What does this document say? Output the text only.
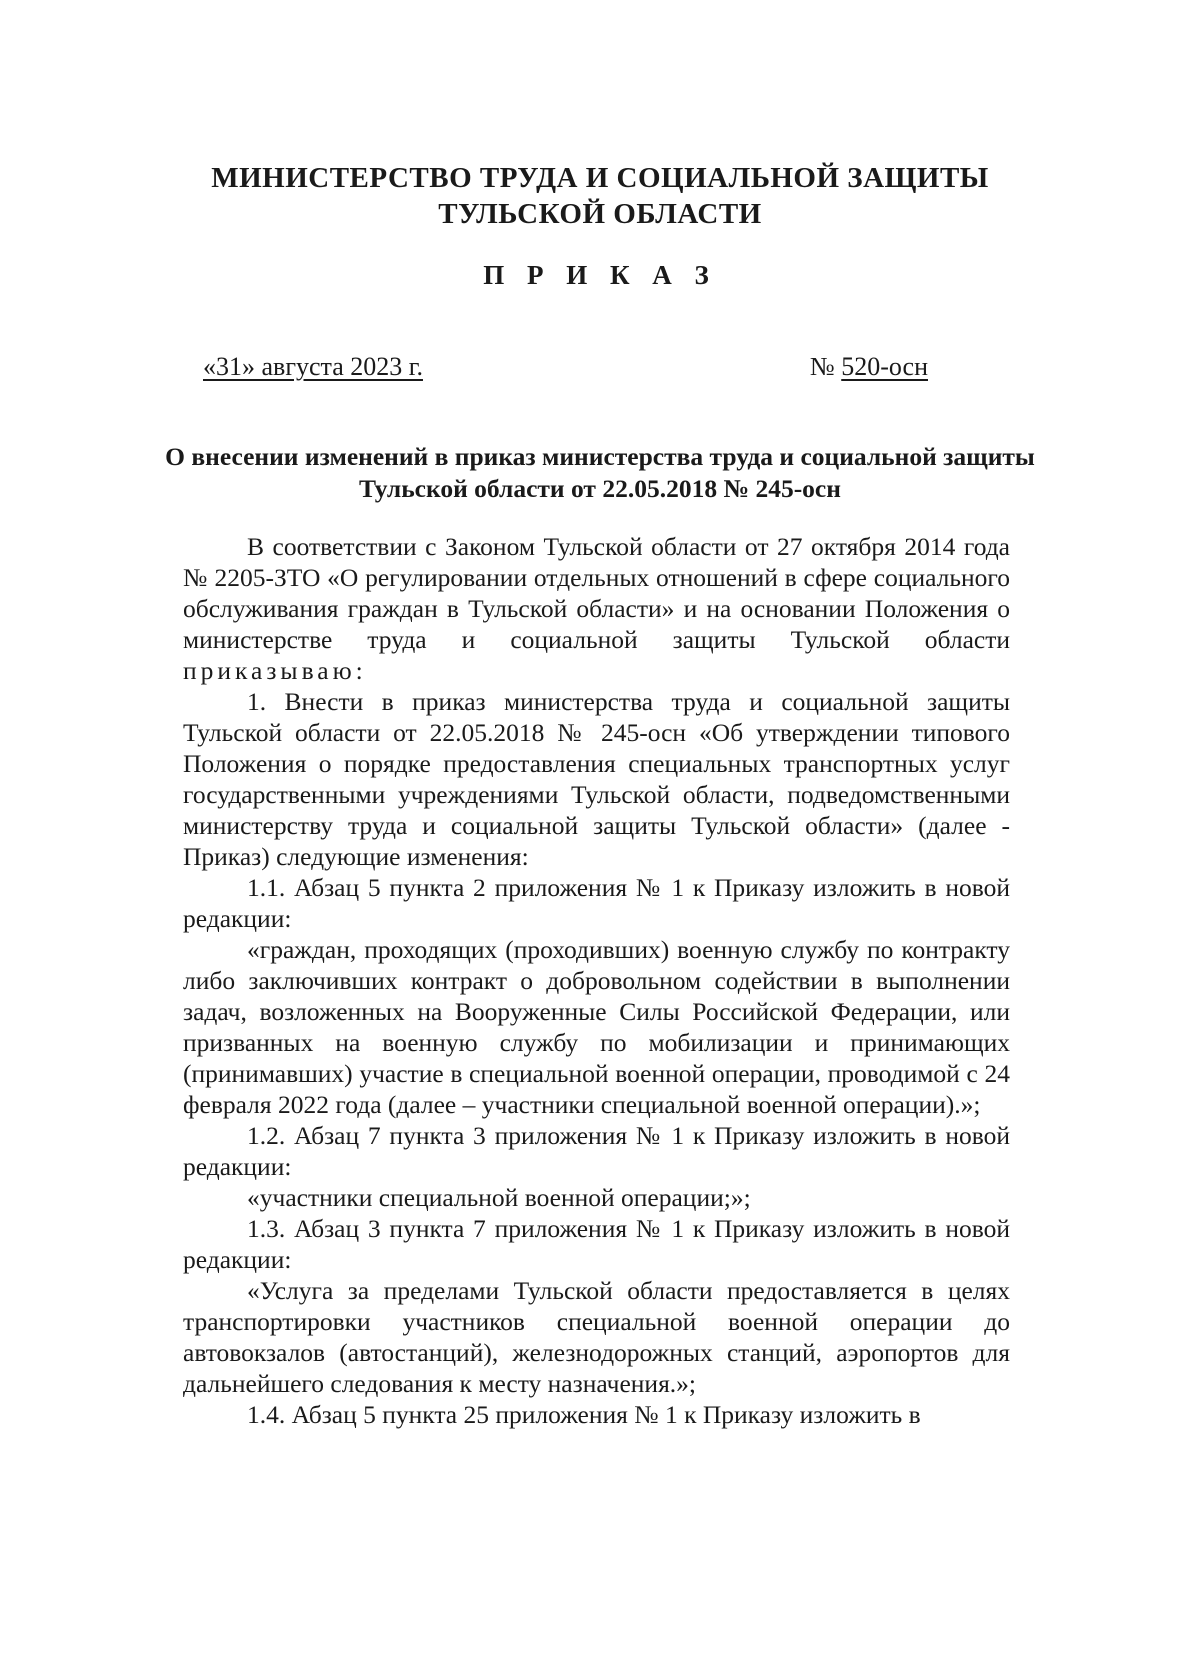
МИНИСТЕРСТВО ТРУДА И СОЦИАЛЬНОЙ ЗАЩИТЫ
ТУЛЬСКОЙ ОБЛАСТИ
П Р И К А З
«31» августа 2023 г.	№ 520-осн
О внесении изменений в приказ министерства труда и социальной защиты Тульской области от 22.05.2018 № 245-осн

В соответствии с Законом Тульской области от 27 октября 2014 года № 2205-ЗТО «О регулировании отдельных отношений в сфере социального обслуживания граждан в Тульской области» и на основании Положения о министерстве труда и социальной защиты Тульской области приказываю:

1. Внести в приказ министерства труда и социальной защиты Тульской области от 22.05.2018 № 245-осн «Об утверждении типового Положения о порядке предоставления специальных транспортных услуг государственными учреждениями Тульской области, подведомственными министерству труда и социальной защиты Тульской области» (далее - Приказ) следующие изменения:

1.1. Абзац 5 пункта 2 приложения № 1 к Приказу изложить в новой редакции:

«граждан, проходящих (проходивших) военную службу по контракту либо заключивших контракт о добровольном содействии в выполнении задач, возложенных на Вооруженные Силы Российской Федерации, или призванных на военную службу по мобилизации и принимающих (принимавших) участие в специальной военной операции, проводимой с 24 февраля 2022 года (далее – участники специальной военной операции).»;

1.2. Абзац 7 пункта 3 приложения № 1 к Приказу изложить в новой редакции:

«участники специальной военной операции;»;

1.3. Абзац 3 пункта 7 приложения № 1 к Приказу изложить в новой редакции:

«Услуга за пределами Тульской области предоставляется в целях транспортировки участников специальной военной операции до автовокзалов (автостанций), железнодорожных станций, аэропортов для дальнейшего следования к месту назначения.»;

1.4. Абзац 5 пункта 25 приложения № 1 к Приказу изложить в
